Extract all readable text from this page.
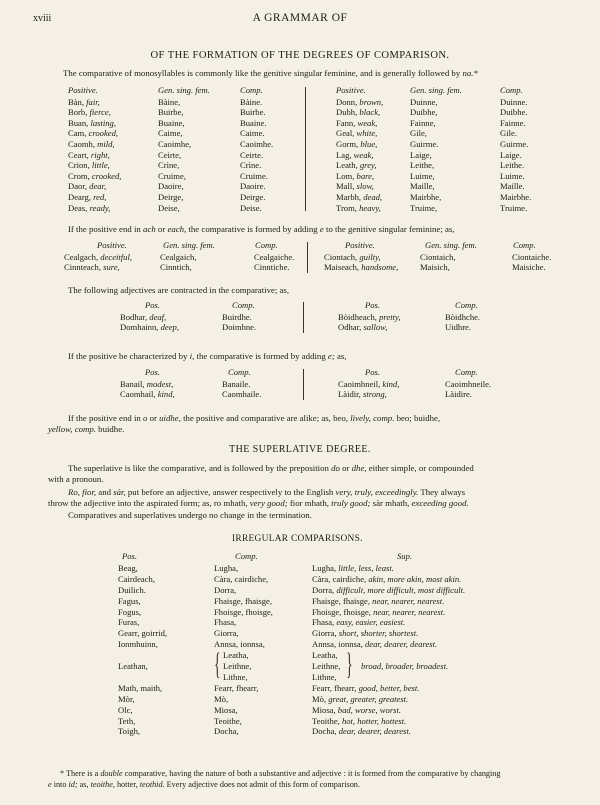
xviii	A GRAMMAR OF
OF THE FORMATION OF THE DEGREES OF COMPARISON.
The comparative of monosyllables is commonly like the genitive singular feminine, and is generally followed by na.*
Positive.	Gen. sing. fem.	Comp.	Positive.	Gen. sing. fem.	Comp.
Bàn, fair,	Bàine,	Bàine.
Borb, fierce,	Buirbe,	Buirbe.
Buan, lasting,	Buaine,	Buaine.
Cam, crooked,	Caime,	Caime.
Caomh, mild,	Caoimhe,	Caoimhe.
Ceart, right,	Ceirte,	Ceirte.
Crion, little,	Crìne,	Crìne.
Crom, crooked,	Cruime,	Cruime.
Daor, dear,	Daoire,	Daoire.
Dearg, red,	Deirge,	Deirge.
Deas, ready,	Deise,	Deise.
Donn, brown,	Duinne,	Duinne.
Dubh, black,	Duibhe,	Duibhe.
Fann, weak,	Fainne,	Fainne.
Geal, white,	Gile,	Gile.
Gorm, blue,	Guirme.	Guirme.
Lag, weak,	Laige,	Laige.
Leath, grey,	Leithe,	Leithe.
Lom, bare,	Luime,	Luime.
Mall, slow,	Maille,	Maille.
Marbh, dead,	Mairbhe,	Mairbhe.
Trom, heavy,	Truime,	Truime.
If the positive end in ach or each, the comparative is formed by adding e to the genitive singular feminine; as,
Positive.	Gen. sing. fem.	Comp.	Positive.	Gen. sing. fem.	Comp.
Cealgach, deceitful,	Cealgaich,	Cealgaiche.
Cinnteach, sure,	Cinntich,	Cinntiche.
Ciontach, guilty,	Ciontaich,	Ciontaiche.
Maiseach, handsome,	Maisich,	Maisiche.
The following adjectives are contracted in the comparative; as,
Pos.	Comp.	Pos.	Comp.
Bodhar, deaf,	Buirdhe.
Domhainn, deep,	Doimhne.
Bòidheach, pretty,	Bòidhche.
Odhar, sallow,	Uidhre.
If the positive be characterized by i, the comparative is formed by adding e; as,
Pos.	Comp.	Pos.	Comp.
Banail, modest,	Banaile.
Caomhail, kind,	Caomhaile.
Caoimhneil, kind,	Caoimhneile.
Làidir, strong,	Làidire.
If the positive end in o or uidhe, the positive and comparative are alike; as, beo, lively, comp. beo; buidhe,
yellow, comp. buidhe.
THE SUPERLATIVE DEGREE.
The superlative is like the comparative, and is followed by the preposition do or dhe, either simple, or compounded
with a pronoun.
Ro, fior, and sàr, put before an adjective, answer respectively to the English very, truly, exceedingly. They always
throw the adjective into the aspirated form; as, ro mhath, very good; fior mhath, truly good; sàr mhath, exceeding good.
Comparatives and superlatives undergo no change in the termination.
IRREGULAR COMPARISONS.
Pos.	Comp.	Sup.
Beag,	Lugha,	Lugha, little, less, least.
Cairdeach,	Càra, cairdiche,	Càra, cairdiche, akin, more akin, most akin.
Duilich.	Dorra,	Dorra, difficult, more difficult, most difficult.
Fagus,	Fhaisge, fhaisge,	Fhaisge, fhaisge, near, nearer, nearest.
Fogus,	Fhoisge, fhoisge,	Fhoisge, fhoisge, near, nearer, nearest.
Furas,	Fhasa,	Fhasa, easy, easier, easiest.
Gearr, goirrid,	Giorra,	Giorra, short, shorter, shortest.
Ionmhuinn,	Annsa, ionnsa,	Annsa, ionnsa, dear, dearer, dearest.
Leathan, { Leatha,	Leatha,
Leithne,	Leithne,
Lithne,	Lithne, } broad, broader, broadest.
Math, maith,	Fearr, fhearr,	Fearr, fhearr, good, better, best.
Mòr,	Mò,	Mò, great, greater, greatest.
Olc,	Miosa,	Miosa, bad, worse, worst.
Teth,	Teoithe,	Teoithe, hot, hotter, hottest.
Toigh,	Docha,	Docha, dear, dearer, dearest.
* There is a double comparative, having the nature of both a substantive and adjective : it is formed from the comparative by changing
e into id; as, teoithe, hotter, teothid. Every adjective does not admit of this form of comparison.
